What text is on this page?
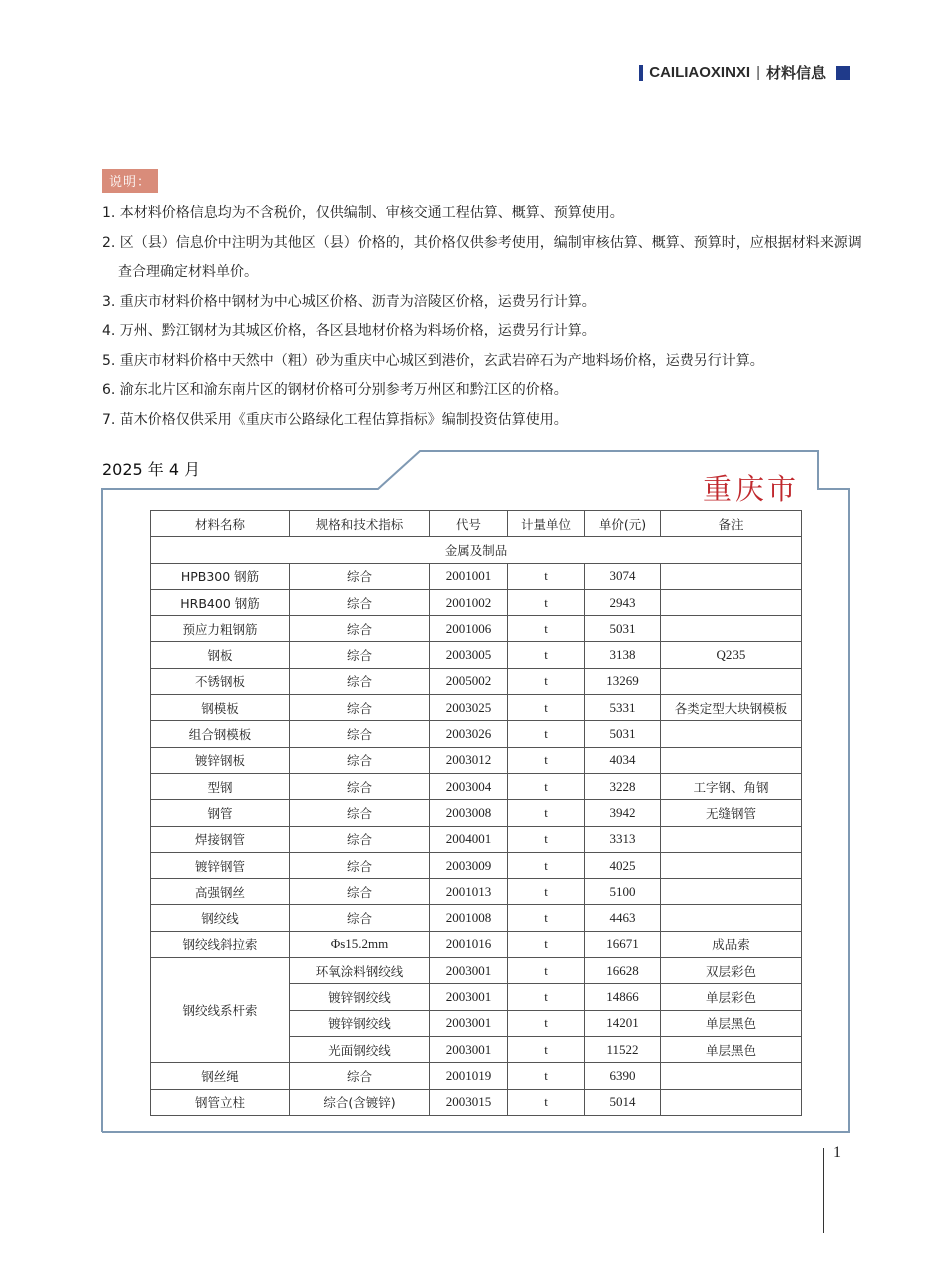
CAILIAOXINXI | 材料信息
说明：
1. 本材料价格信息均为不含税价，仅供编制、审核交通工程估算、概算、预算使用。
2. 区（县）信息价中注明为其他区（县）价格的，其价格仅供参考使用，编制审核估算、概算、预算时，应根据材料来源调查合理确定材料单价。
3. 重庆市材料价格中钢材为中心城区价格、沥青为涪陵区价格，运费另行计算。
4. 万州、黔江钢材为其城区价格，各区县地材价格为料场价格，运费另行计算。
5. 重庆市材料价格中天然中（粗）砂为重庆中心城区到港价，玄武岩碎石为产地料场价格，运费另行计算。
6. 渝东北片区和渝东南片区的钢材价格可分别参考万州区和黔江区的价格。
7. 苗木价格仅供采用《重庆市公路绿化工程估算指标》编制投资估算使用。
2025 年 4 月
重庆市
材料名称	规格和技术指标	代号	计量单位	单价(元)	备注
金属及制品					
HPB300 钢筋	综合	2001001	t	3074	
HRB400 钢筋	综合	2001002	t	2943	
预应力粗钢筋	综合	2001006	t	5031	
钢板	综合	2003005	t	3138	Q235
不锈钢板	综合	2005002	t	13269	
钢模板	综合	2003025	t	5331	各类定型大块钢模板
组合钢模板	综合	2003026	t	5031	
镀锌钢板	综合	2003012	t	4034	
型钢	综合	2003004	t	3228	工字钢、角钢
钢管	综合	2003008	t	3942	无缝钢管
焊接钢管	综合	2004001	t	3313	
镀锌钢管	综合	2003009	t	4025	
高强钢丝	综合	2001013	t	5100	
钢绞线	综合	2001008	t	4463	
钢绞线斜拉索	Φs15.2mm	2001016	t	16671	成品索
钢绞线系杆索	环氧涂料钢绞线	2003001	t	16628	双层彩色
	镀锌钢绞线	2003001	t	14866	单层彩色
	镀锌钢绞线	2003001	t	14201	单层黑色
	光面钢绞线	2003001	t	11522	单层黑色
钢丝绳	综合	2001019	t	6390	
钢管立柱	综合(含镀锌)	2003015	t	5014	
1
